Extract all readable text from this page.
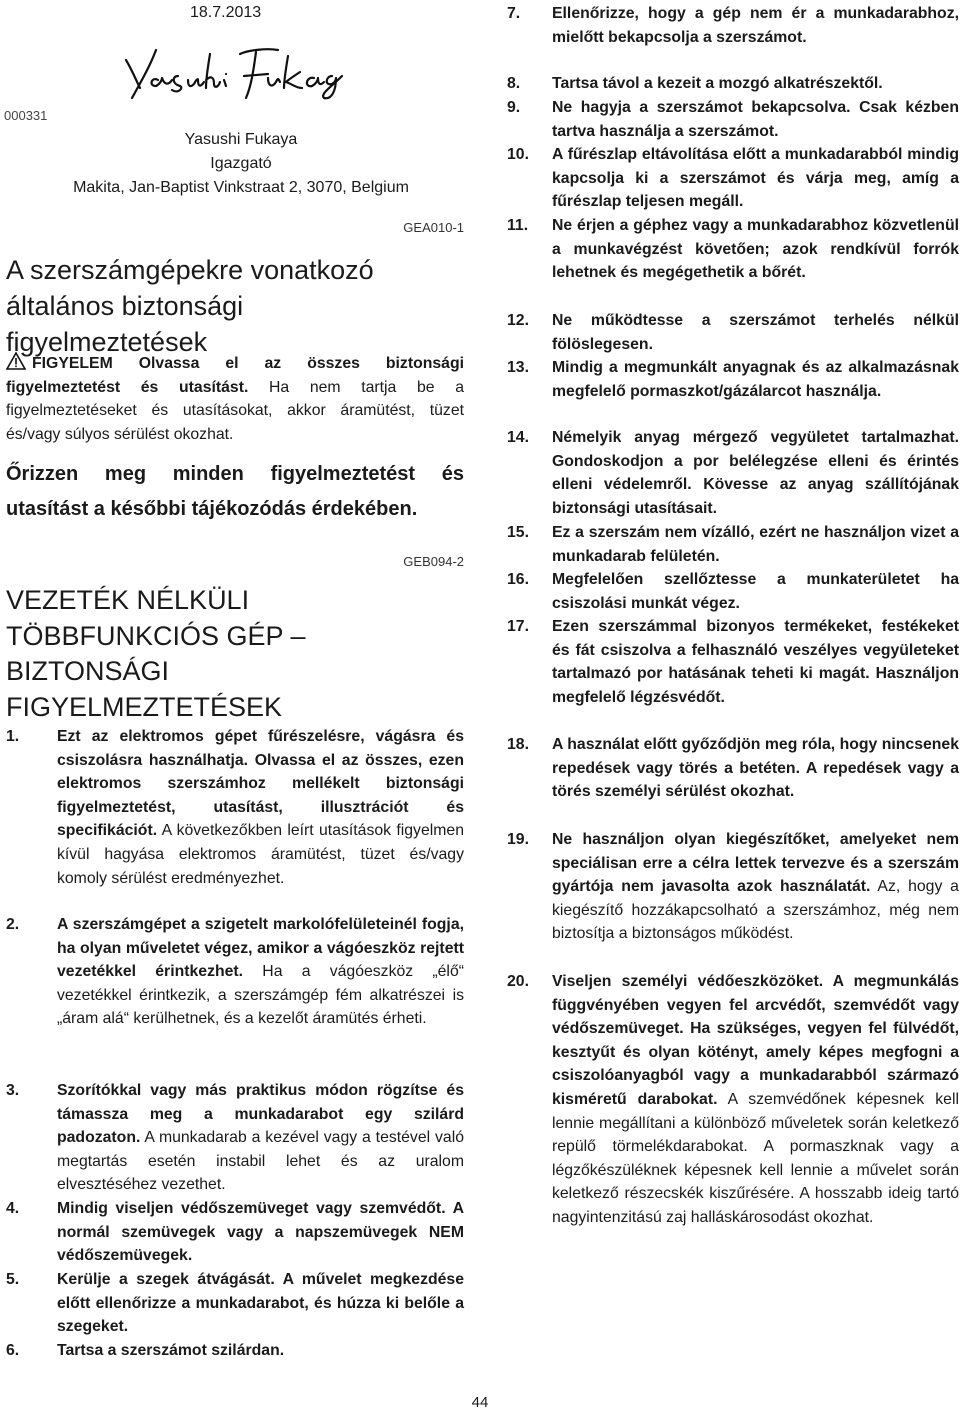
000331
18.7.2013
Yasushi Fukaya
Igazgató
Makita, Jan-Baptist Vinkstraat 2, 3070, Belgium
GEA010-1
A szerszámgépekre vonatkozó általános biztonsági figyelmeztetések
FIGYELEM Olvassa el az összes biztonsági figyelmeztetést és utasítást. Ha nem tartja be a figyelmeztetéseket és utasításokat, akkor áramütést, tüzet és/vagy súlyos sérülést okozhat.
Őrizzen meg minden figyelmeztetést és utasítást a későbbi tájékozódás érdekében.
GEB094-2
VEZETÉK NÉLKÜLI TÖBBFUNKCIÓS GÉP – BIZTONSÁGI FIGYELMEZTETÉSEK
1. Ezt az elektromos gépet fűrészelésre, vágásra és csiszolásra használhatja. Olvassa el az összes, ezen elektromos szerszámhoz mellékelt biztonsági figyelmeztetést, utasítást, illusztrációt és specifikációt. A következőkben leírt utasítások figyelmen kívül hagyása elektromos áramütést, tüzet és/vagy komoly sérülést eredményezhet.
2. A szerszámgépet a szigetelt markolófelületeinél fogja, ha olyan műveletet végez, amikor a vágóeszköz rejtett vezetékkel érintkezhet. Ha a vágóeszköz „élő“ vezetékkel érintkezik, a szerszámgép fém alkatrészei is „áram alá“ kerülhetnek, és a kezelőt áramütés érheti.
3. Szorítókkal vagy más praktikus módon rögzítse és támassza meg a munkadarabot egy szilárd padozaton. A munkadarab a kezével vagy a testével való megtartás esetén instabil lehet és az uralom elvesztéséhez vezethet.
4. Mindig viseljen védőszemüveget vagy szemvédőt. A normál szemüvegek vagy a napszemüvegek NEM védőszemüvegek.
5. Kerülje a szegek átvágását. A művelet megkezdése előtt ellenőrizze a munkadarabot, és húzza ki belőle a szegeket.
6. Tartsa a szerszámot szilárdan.
7. Ellenőrizze, hogy a gép nem ér a munkadarabhoz, mielőtt bekapcsolja a szerszámot.
8. Tartsa távol a kezeit a mozgó alkatrészektől.
9. Ne hagyja a szerszámot bekapcsolva. Csak kézben tartva használja a szerszámot.
10. A fűrészlap eltávolítása előtt a munkadarabból mindig kapcsolja ki a szerszámot és várja meg, amíg a fűrészlap teljesen megáll.
11. Ne érjen a géphez vagy a munkadarabhoz közvetlenül a munkavégzést követően; azok rendkívül forrók lehetnek és megégethetik a bőrét.
12. Ne működtesse a szerszámot terhelés nélkül fölöslegesen.
13. Mindig a megmunkált anyagnak és az alkalmazásnak megfelelő pormaszkot/gázálarcot használja.
14. Némelyik anyag mérgező vegyületet tartalmazhat. Gondoskodjon a por belélegzése elleni és érintés elleni védelemről. Kövesse az anyag szállítójának biztonsági utasításait.
15. Ez a szerszám nem vízálló, ezért ne használjon vizet a munkadarab felületén.
16. Megfelelően szellőztesse a munkaterületet ha csiszolási munkát végez.
17. Ezen szerszámmal bizonyos termékeket, festékeket és fát csiszolva a felhasználó veszélyes vegyületeket tartalmazó por hatásának teheti ki magát. Használjon megfelelő légzésvédőt.
18. A használat előtt győződjön meg róla, hogy nincsenek repedések vagy törés a betéten. A repedések vagy a törés személyi sérülést okozhat.
19. Ne használjon olyan kiegészítőket, amelyeket nem speciálisan erre a célra lettek tervezve és a szerszám gyártója nem javasolta azok használatát. Az, hogy a kiegészítő hozzákapcsolható a szerszámhoz, még nem biztosítja a biztonságos működést.
20. Viseljen személyi védőeszközöket. A megmunkálás függvényében vegyen fel arcvédőt, szemvédőt vagy védőszemüveget. Ha szükséges, vegyen fel fülvédőt, kesztyűt és olyan kötényt, amely képes megfogni a csiszolóanyagból vagy a munkadarabból származó kisméretű darabokat. A szemvédőnek képesnek kell lennie megállítani a különböző műveletek során keletkező repülő törmelékdarabokat. A pormaszknak vagy a légzőkészüléknek képesnek kell lennie a művelet során keletkező részecskék kiszűrésére. A hosszabb ideig tartó nagyintenzitású zaj halláskárosodást okozhat.
44
